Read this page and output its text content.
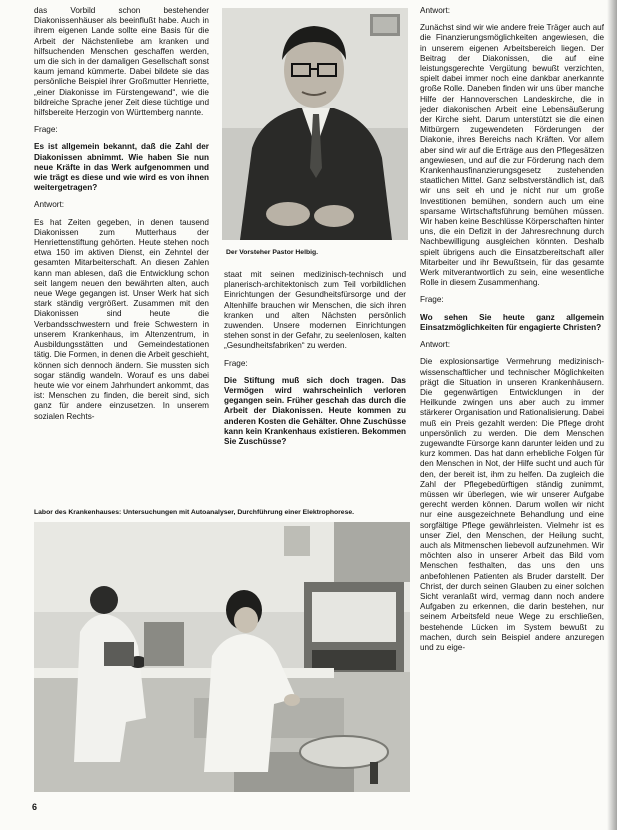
das Vorbild schon bestehender Diakonissenhäuser als beeinflußt habe. Auch in ihrem eigenen Lande sollte eine Basis für die Arbeit der Nächstenliebe am kranken und hilfsuchenden Menschen geschaffen werden, um die sich in der damaligen Gesellschaft sonst kaum jemand kümmerte. Dabei bildete sie das persönliche Beispiel ihrer Großmutter Henriette, „einer Diakonisse im Fürstengewand“, wie die bildreiche Sprache jener Zeit diese tüchtige und hilfsbereite Herzogin von Württemberg nannte.

Frage:

Es ist allgemein bekannt, daß die Zahl der Diakonissen abnimmt. Wie haben Sie nun neue Kräfte in das Werk aufgenommen und wie trägt es diese und wie wird es von ihnen weitergetragen?

Antwort:

Es hat Zeiten gegeben, in denen tausend Diakonissen zum Mutterhaus der Henriettenstiftung gehörten. Heute stehen noch etwa 150 im aktiven Dienst, ein Zehntel der gesamten Mitarbeiterschaft. An diesen Zahlen kann man ablesen, daß die Entwicklung schon seit langem neuen den bewährten alten, auch neue Wege gegangen ist. Unser Werk hat sich stark ständig vergrößert. Zusammen mit den Diakonissen sind heute die Verbandsschwestern und freie Schwestern in unserem Krankenhaus, im Altenzentrum, in Ausbildungsstätten und Gemeindestationen tätig. Die Formen, in denen die Arbeit geschieht, können sich dennoch ändern. Sie mussten sich sogar ständig wandeln. Worauf es uns dabei heute wie vor einem Jahrhundert ankommt, das ist: Menschen zu finden, die bereit sind, sich ganz für andere einzusetzen. In unserem sozialen Rechts-

Der Vorsteher Pastor Helbig.

staat mit seinen medizinisch-technisch und planerisch-architektonisch zum Teil vorbildlichen Einrichtungen der Gesundheitsfürsorge und der Altenhilfe brauchen wir Menschen, die sich ihren kranken und alten Nächsten persönlich zuwenden. Unsere modernen Einrichtungen stehen sonst in der Gefahr, zu seelenlosen, kalten „Gesundheitsfabriken“ zu werden.

Frage:

Die Stiftung muß sich doch tragen. Das Vermögen wird wahrscheinlich verloren gegangen sein. Früher geschah das durch die Arbeit der Diakonissen. Heute kommen zu anderen Kosten die Gehälter. Ohne Zuschüsse kann kein Krankenhaus existieren. Bekommen Sie Zuschüsse?

Antwort:

Zunächst sind wir wie andere freie Träger auch auf die Finanzierungsmöglichkeiten angewiesen, die in unserem eigenen Arbeitsbereich liegen. Der Beitrag der Diakonissen, die auf eine leistungsgerechte Vergütung bewußt verzichten, spielt dabei immer noch eine dankbar anerkannte große Rolle. Daneben finden wir uns über manche Hilfe der Hannoverschen Landeskirche, die in jeder diakonischen Arbeit eine Lebensäußerung der Kirche sieht. Darum unterstützt sie die einen Mitbürgern zugewendeten Förderungen der Diakonie, ihres Bereichs nach Kräften. Vor allem aber sind wir auf die Erträge aus den Pflegesätzen angewiesen, und auf die zur Förderung nach dem Krankenhausfinanzierungsgesetz zustehenden staatlichen Mittel. Ganz selbstverständlich ist, daß wir uns seit eh und je nicht nur um große Investitionen bemühen, sondern auch um eine sparsame Wirtschaftsführung bemühen müssen. Wir haben keine Beschlüsse Körperschaften hinter uns, die ein Defizit in der Jahresrechnung durch Nachbewilligung ausgleichen könnten. Deshalb spielt übrigens auch die Einsatzbereitschaft aller Mitarbeiter und ihr Bewußtsein, für das gesamte Werk mitverantwortlich zu sein, eine wesentliche Rolle in diesem Zusammenhang.

Frage:

Wo sehen Sie heute ganz allgemein Einsatzmöglichkeiten für engagierte Christen?

Antwort:

Die explosionsartige Vermehrung medizinisch-wissenschaftlicher und technischer Möglichkeiten prägt die Situation in unseren Krankenhäusern. Die gegenwärtigen Entwicklungen in der Heilkunde zwingen uns aber auch zu immer stärkerer Organisation und Rationalisierung. Dabei muß ein Preis gezahlt werden: Die Pflege droht unpersönlich zu werden. Die dem Menschen zugewandte Fürsorge kann darunter leiden und zu kurz kommen. Das hat dann erhebliche Folgen für den Menschen in Not, der Hilfe sucht und auch für den, der bereit ist, ihm zu helfen. Da zugleich die Zahl der Pflegebedürftigen ständig zunimmt, müssen wir überlegen, wie wir unserer Aufgabe gerecht werden können. Darum wollen wir nicht nur eine ausgezeichnete Behandlung und eine sorgfältige Pflege gewährleisten. Vielmehr ist es unser Ziel, den Menschen, der Heilung sucht, auch als Mitmenschen liebevoll aufzunehmen. Wir möchten also in unserer Arbeit das Bild vom Menschen festhalten, das uns den uns anbefohlenen Patienten als Bruder darstellt. Der Christ, der durch seinen Glauben zu einer solchen Sicht veranlaßt wird, vermag dann noch andere Aufgaben zu erkennen, die darin bestehen, nur seinem Arbeitsfeld neue Wege zu erschließen, bestehende Lücken im System bewußt zu machen, durch sein Beispiel andere anzuregen und zu eige-

Labor des Krankenhauses: Untersuchungen mit Autoanalyser, Durchführung einer Elektrophorese.
6
